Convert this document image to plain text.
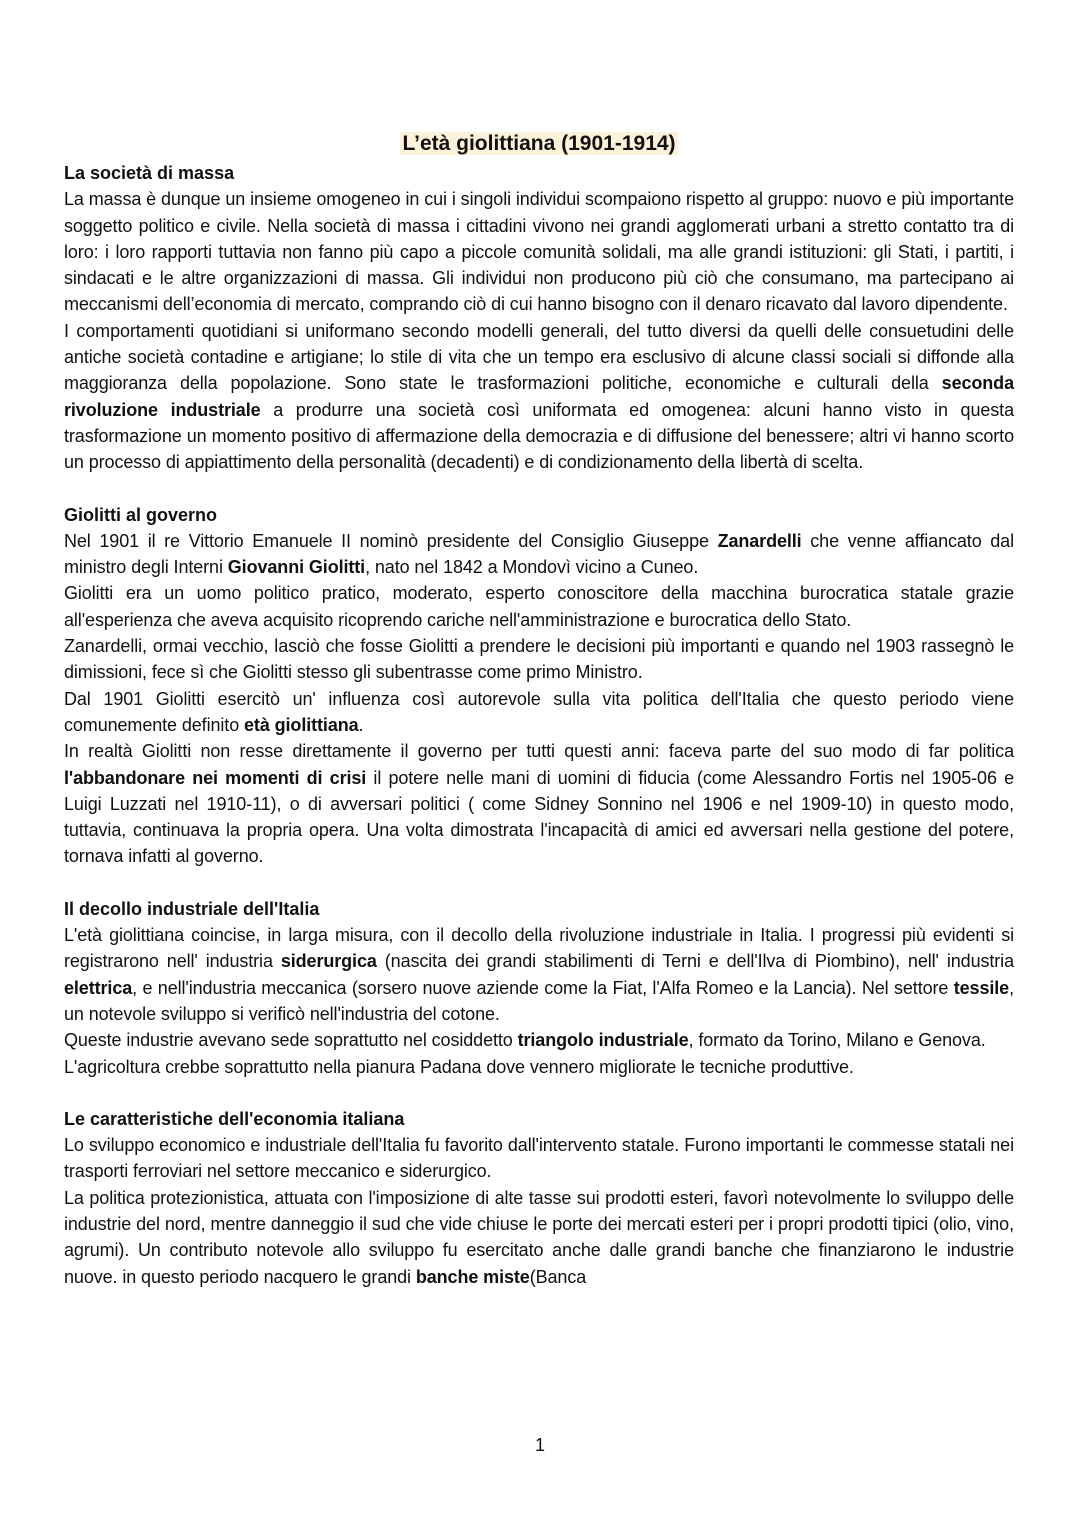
L’età giolittiana (1901-1914)
La società di massa

La massa è dunque un insieme omogeneo in cui i singoli individui scompaiono rispetto al gruppo: nuovo e più importante soggetto politico e civile. Nella società di massa i cittadini vivono nei grandi agglomerati urbani a stretto contatto tra di loro: i loro rapporti tuttavia non fanno più capo a piccole comunità solidali, ma alle grandi istituzioni: gli Stati, i partiti, i sindacati e le altre organizzazioni di massa. Gli individui non producono più ciò che consumano, ma partecipano ai meccanismi dell’economia di mercato, comprando ciò di cui hanno bisogno con il denaro ricavato dal lavoro dipendente.

I comportamenti quotidiani si uniformano secondo modelli generali, del tutto diversi da quelli delle consuetudini delle antiche società contadine e artigiane; lo stile di vita che un tempo era esclusivo di alcune classi sociali si diffonde alla maggioranza della popolazione. Sono state le trasformazioni politiche, economiche e culturali della seconda rivoluzione industriale a produrre una società così uniformata ed omogenea: alcuni hanno visto in questa trasformazione un momento positivo di affermazione della democrazia e di diffusione del benessere; altri vi hanno scorto un processo di appiattimento della personalità (decadenti) e di condizionamento della libertà di scelta.

Giolitti al governo

Nel 1901 il re Vittorio Emanuele II nominò presidente del Consiglio Giuseppe Zanardelli che venne affiancato dal ministro degli Interni Giovanni Giolitti, nato nel 1842 a Mondovì vicino a Cuneo.

Giolitti era un uomo politico pratico, moderato, esperto conoscitore della macchina burocratica statale grazie all'esperienza che aveva acquisito ricoprendo cariche nell'amministrazione e burocratica dello Stato.

Zanardelli, ormai vecchio, lasciò che fosse Giolitti a prendere le decisioni più importanti e quando nel 1903 rassegnò le dimissioni, fece sì che Giolitti stesso gli subentrasse come primo Ministro.

Dal 1901 Giolitti esercitò un' influenza così autorevole sulla vita politica dell'Italia che questo periodo viene comunemente definito età giolittiana.

In realtà Giolitti non resse direttamente il governo per tutti questi anni: faceva parte del suo modo di far politica l'abbandonare nei momenti di crisi il potere nelle mani di uomini di fiducia (come Alessandro Fortis nel 1905-06 e Luigi Luzzati nel 1910-11), o di avversari politici ( come Sidney Sonnino nel 1906 e nel 1909-10) in questo modo, tuttavia, continuava la propria opera. Una volta dimostrata l'incapacità di amici ed avversari nella gestione del potere, tornava infatti al governo.

Il decollo industriale dell'Italia

L'età giolittiana coincise, in larga misura, con il decollo della rivoluzione industriale in Italia. I progressi più evidenti si registrarono nell' industria siderurgica (nascita dei grandi stabilimenti di Terni e dell'Ilva di Piombino), nell' industria elettrica, e nell'industria meccanica (sorsero nuove aziende come la Fiat, l'Alfa Romeo e la Lancia). Nel settore tessile, un notevole sviluppo si verificò nell'industria del cotone.

Queste industrie avevano sede soprattutto nel cosiddetto triangolo industriale, formato da Torino, Milano e Genova.

L'agricoltura crebbe soprattutto nella pianura Padana dove vennero migliorate le tecniche produttive.

Le caratteristiche dell'economia italiana

Lo sviluppo economico e industriale dell'Italia fu favorito dall'intervento statale. Furono importanti le commesse statali nei trasporti ferroviari nel settore meccanico e siderurgico.

La politica protezionistica, attuata con l'imposizione di alte tasse sui prodotti esteri, favorì notevolmente lo sviluppo delle industrie del nord, mentre danneggio il sud che vide chiuse le porte dei mercati esteri per i propri prodotti tipici (olio, vino, agrumi). Un contributo notevole allo sviluppo fu esercitato anche dalle grandi banche che finanziarono le industrie nuove. in questo periodo nacquero le grandi banche miste(Banca

1
